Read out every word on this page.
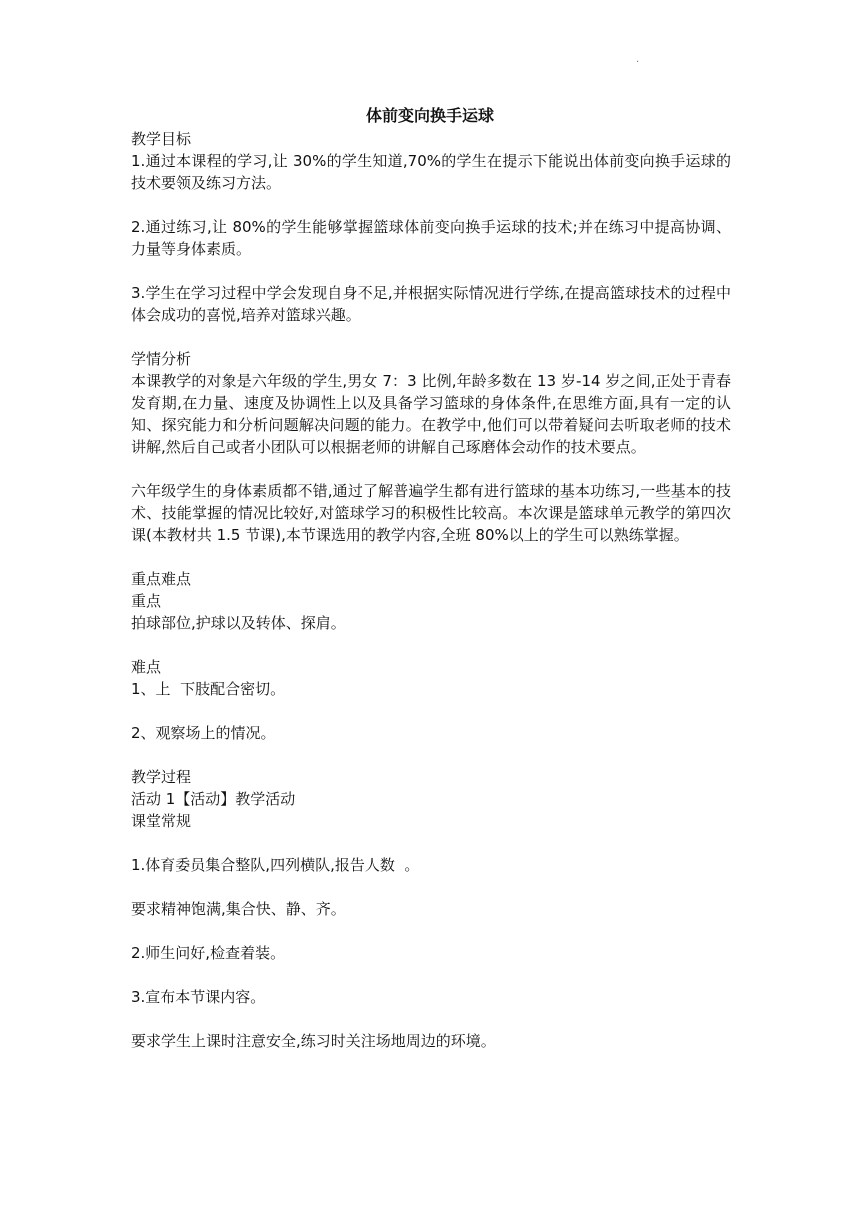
·
体前变向换手运球

教学目标

1.通过本课程的学习,让 30%的学生知道,70%的学生在提示下能说出体前变向换手运球的技术要领及练习方法。

2.通过练习,让 80%的学生能够掌握篮球体前变向换手运球的技术;并在练习中提高协调、力量等身体素质。

3.学生在学习过程中学会发现自身不足,并根据实际情况进行学练,在提高篮球技术的过程中体会成功的喜悦,培养对篮球兴趣。

学情分析

本课教学的对象是六年级的学生,男女 7：3 比例,年龄多数在 13 岁-14 岁之间,正处于青春发育期,在力量、速度及协调性上以及具备学习篮球的身体条件,在思维方面,具有一定的认知、探究能力和分析问题解决问题的能力。在教学中,他们可以带着疑问去听取老师的技术讲解,然后自己或者小团队可以根据老师的讲解自己琢磨体会动作的技术要点。

六年级学生的身体素质都不错,通过了解普遍学生都有进行篮球的基本功练习,一些基本的技术、技能掌握的情况比较好,对篮球学习的积极性比较高。本次课是篮球单元教学的第四次课(本教材共 1.5 节课),本节课选用的教学内容,全班 80%以上的学生可以熟练掌握。

重点难点

重点

拍球部位,护球以及转体、探肩。

难点

1、上  下肢配合密切。

2、观察场上的情况。

教学过程

活动 1【活动】教学活动

课堂常规

1.体育委员集合整队,四列横队,报告人数  。

要求精神饱满,集合快、静、齐。

2.师生问好,检查着装。

3.宣布本节课内容。

要求学生上课时注意安全,练习时关注场地周边的环境。
